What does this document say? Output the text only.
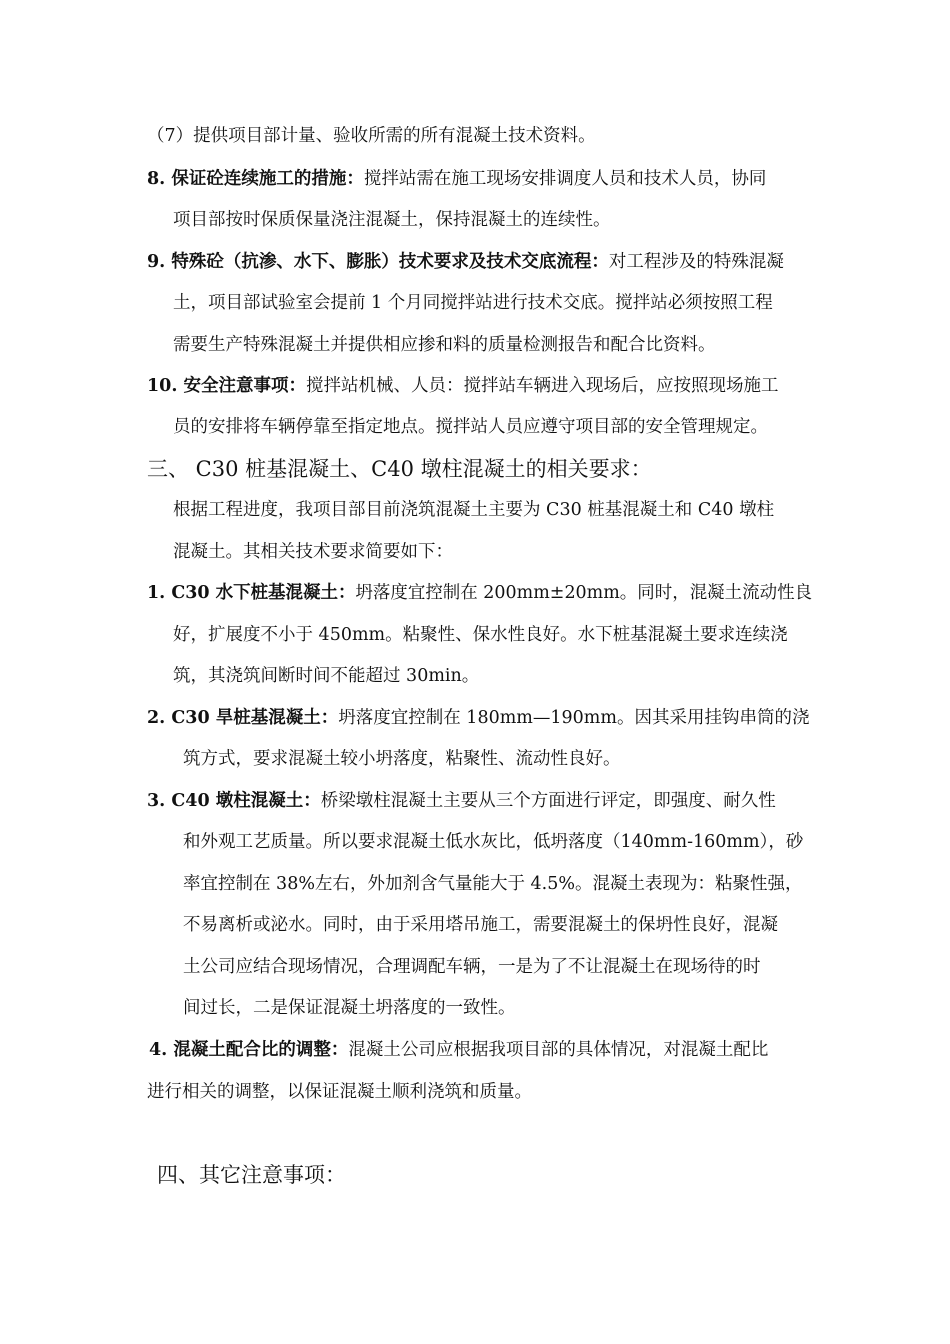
（7）提供项目部计量、验收所需的所有混凝土技术资料。
8. 保证砼连续施工的措施：搅拌站需在施工现场安排调度人员和技术人员，协同
项目部按时保质保量浇注混凝土，保持混凝土的连续性。
9. 特殊砼（抗渗、水下、膨胀）技术要求及技术交底流程：对工程涉及的特殊混凝
土，项目部试验室会提前 1 个月同搅拌站进行技术交底。搅拌站必须按照工程
需要生产特殊混凝土并提供相应掺和料的质量检测报告和配合比资料。
10. 安全注意事项：搅拌站机械、人员：搅拌站车辆进入现场后，应按照现场施工
员的安排将车辆停靠至指定地点。搅拌站人员应遵守项目部的安全管理规定。
三、 C30 桩基混凝土、C40 墩柱混凝土的相关要求：
根据工程进度，我项目部目前浇筑混凝土主要为 C30 桩基混凝土和 C40 墩柱
混凝土。其相关技术要求简要如下：
1. C30 水下桩基混凝土：坍落度宜控制在 200mm±20mm。同时，混凝土流动性良
好，扩展度不小于 450mm。粘聚性、保水性良好。水下桩基混凝土要求连续浇
筑，其浇筑间断时间不能超过 30min。
2. C30 旱桩基混凝土：坍落度宜控制在 180mm—190mm。因其采用挂钩串筒的浇
筑方式，要求混凝土较小坍落度，粘聚性、流动性良好。
3. C40 墩柱混凝土：桥梁墩柱混凝土主要从三个方面进行评定，即强度、耐久性
和外观工艺质量。所以要求混凝土低水灰比，低坍落度（140mm-160mm），砂
率宜控制在 38%左右，外加剂含气量能大于 4.5%。混凝土表现为：粘聚性强，
不易离析或泌水。同时，由于采用塔吊施工，需要混凝土的保坍性良好，混凝
土公司应结合现场情况，合理调配车辆，一是为了不让混凝土在现场待的时
间过长，二是保证混凝土坍落度的一致性。
4. 混凝土配合比的调整：混凝土公司应根据我项目部的具体情况，对混凝土配比
进行相关的调整，以保证混凝土顺利浇筑和质量。
四、其它注意事项：
